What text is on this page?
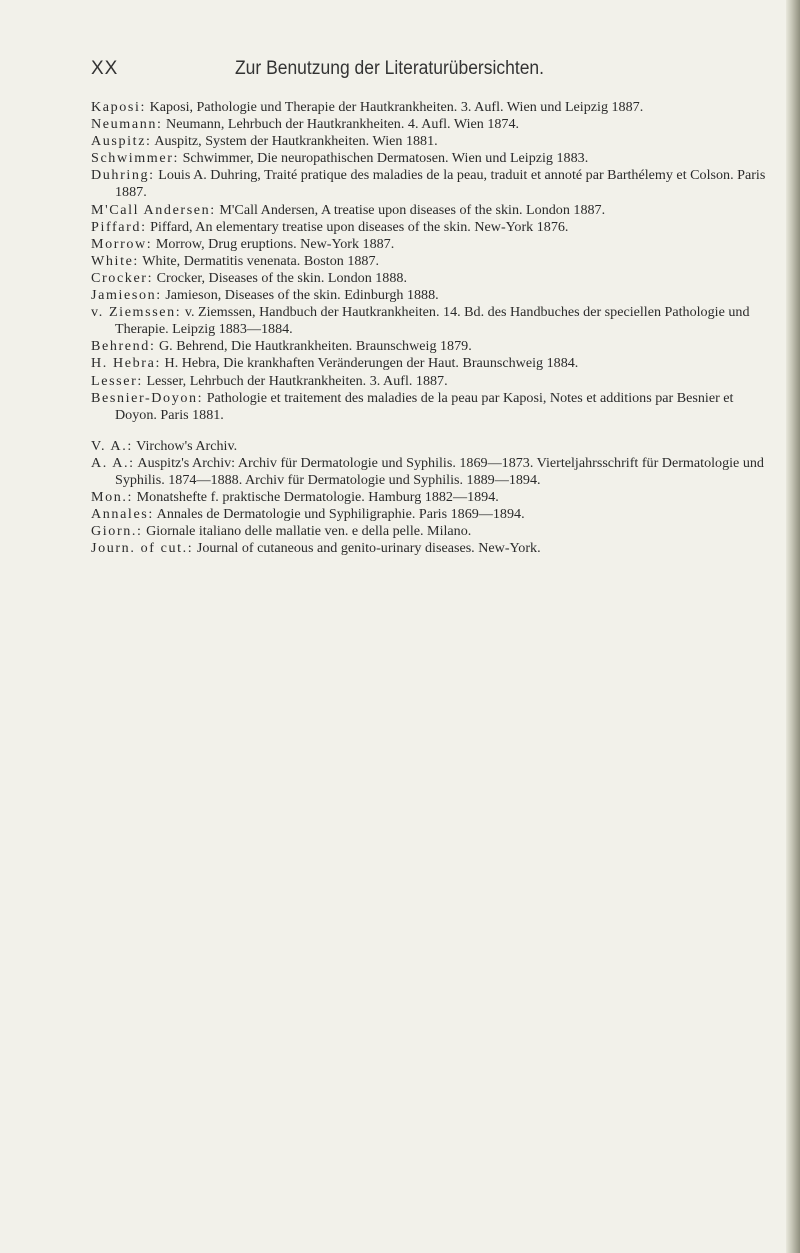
XX	Zur Benutzung der Literaturübersichten.

Kaposi: Kaposi, Pathologie und Therapie der Hautkrankheiten. 3. Aufl. Wien und Leipzig 1887.

Neumann: Neumann, Lehrbuch der Hautkrankheiten. 4. Aufl. Wien 1874.

Auspitz: Auspitz, System der Hautkrankheiten. Wien 1881.

Schwimmer: Schwimmer, Die neuropathischen Dermatosen. Wien und Leipzig 1883.

Duhring: Louis A. Duhring, Traité pratique des maladies de la peau, traduit et annoté par Barthélemy et Colson. Paris 1887.

M'Call Andersen: M'Call Andersen, A treatise upon diseases of the skin. London 1887.

Piffard: Piffard, An elementary treatise upon diseases of the skin. New-York 1876.

Morrow: Morrow, Drug eruptions. New-York 1887.

White: White, Dermatitis venenata. Boston 1887.

Crocker: Crocker, Diseases of the skin. London 1888.

Jamieson: Jamieson, Diseases of the skin. Edinburgh 1888.

v. Ziemssen: v. Ziemssen, Handbuch der Hautkrankheiten. 14. Bd. des Handbuches der speciellen Pathologie und Therapie. Leipzig 1883—1884.

Behrend: G. Behrend, Die Hautkrankheiten. Braunschweig 1879.

H. Hebra: H. Hebra, Die krankhaften Veränderungen der Haut. Braunschweig 1884.

Lesser: Lesser, Lehrbuch der Hautkrankheiten. 3. Aufl. 1887.

Besnier-Doyon: Pathologie et traitement des maladies de la peau par Kaposi, Notes et additions par Besnier et Doyon. Paris 1881.

V. A.: Virchow's Archiv.

A. A.: Auspitz's Archiv: Archiv für Dermatologie und Syphilis. 1869—1873. Vierteljahrsschrift für Dermatologie und Syphilis. 1874—1888. Archiv für Dermatologie und Syphilis. 1889—1894.

Mon.: Monatshefte f. praktische Dermatologie. Hamburg 1882—1894.

Annales: Annales de Dermatologie und Syphiligraphie. Paris 1869—1894.

Giorn.: Giornale italiano delle mallatie ven. e della pelle. Milano.

Journ. of cut.: Journal of cutaneous and genito-urinary diseases. New-York.
